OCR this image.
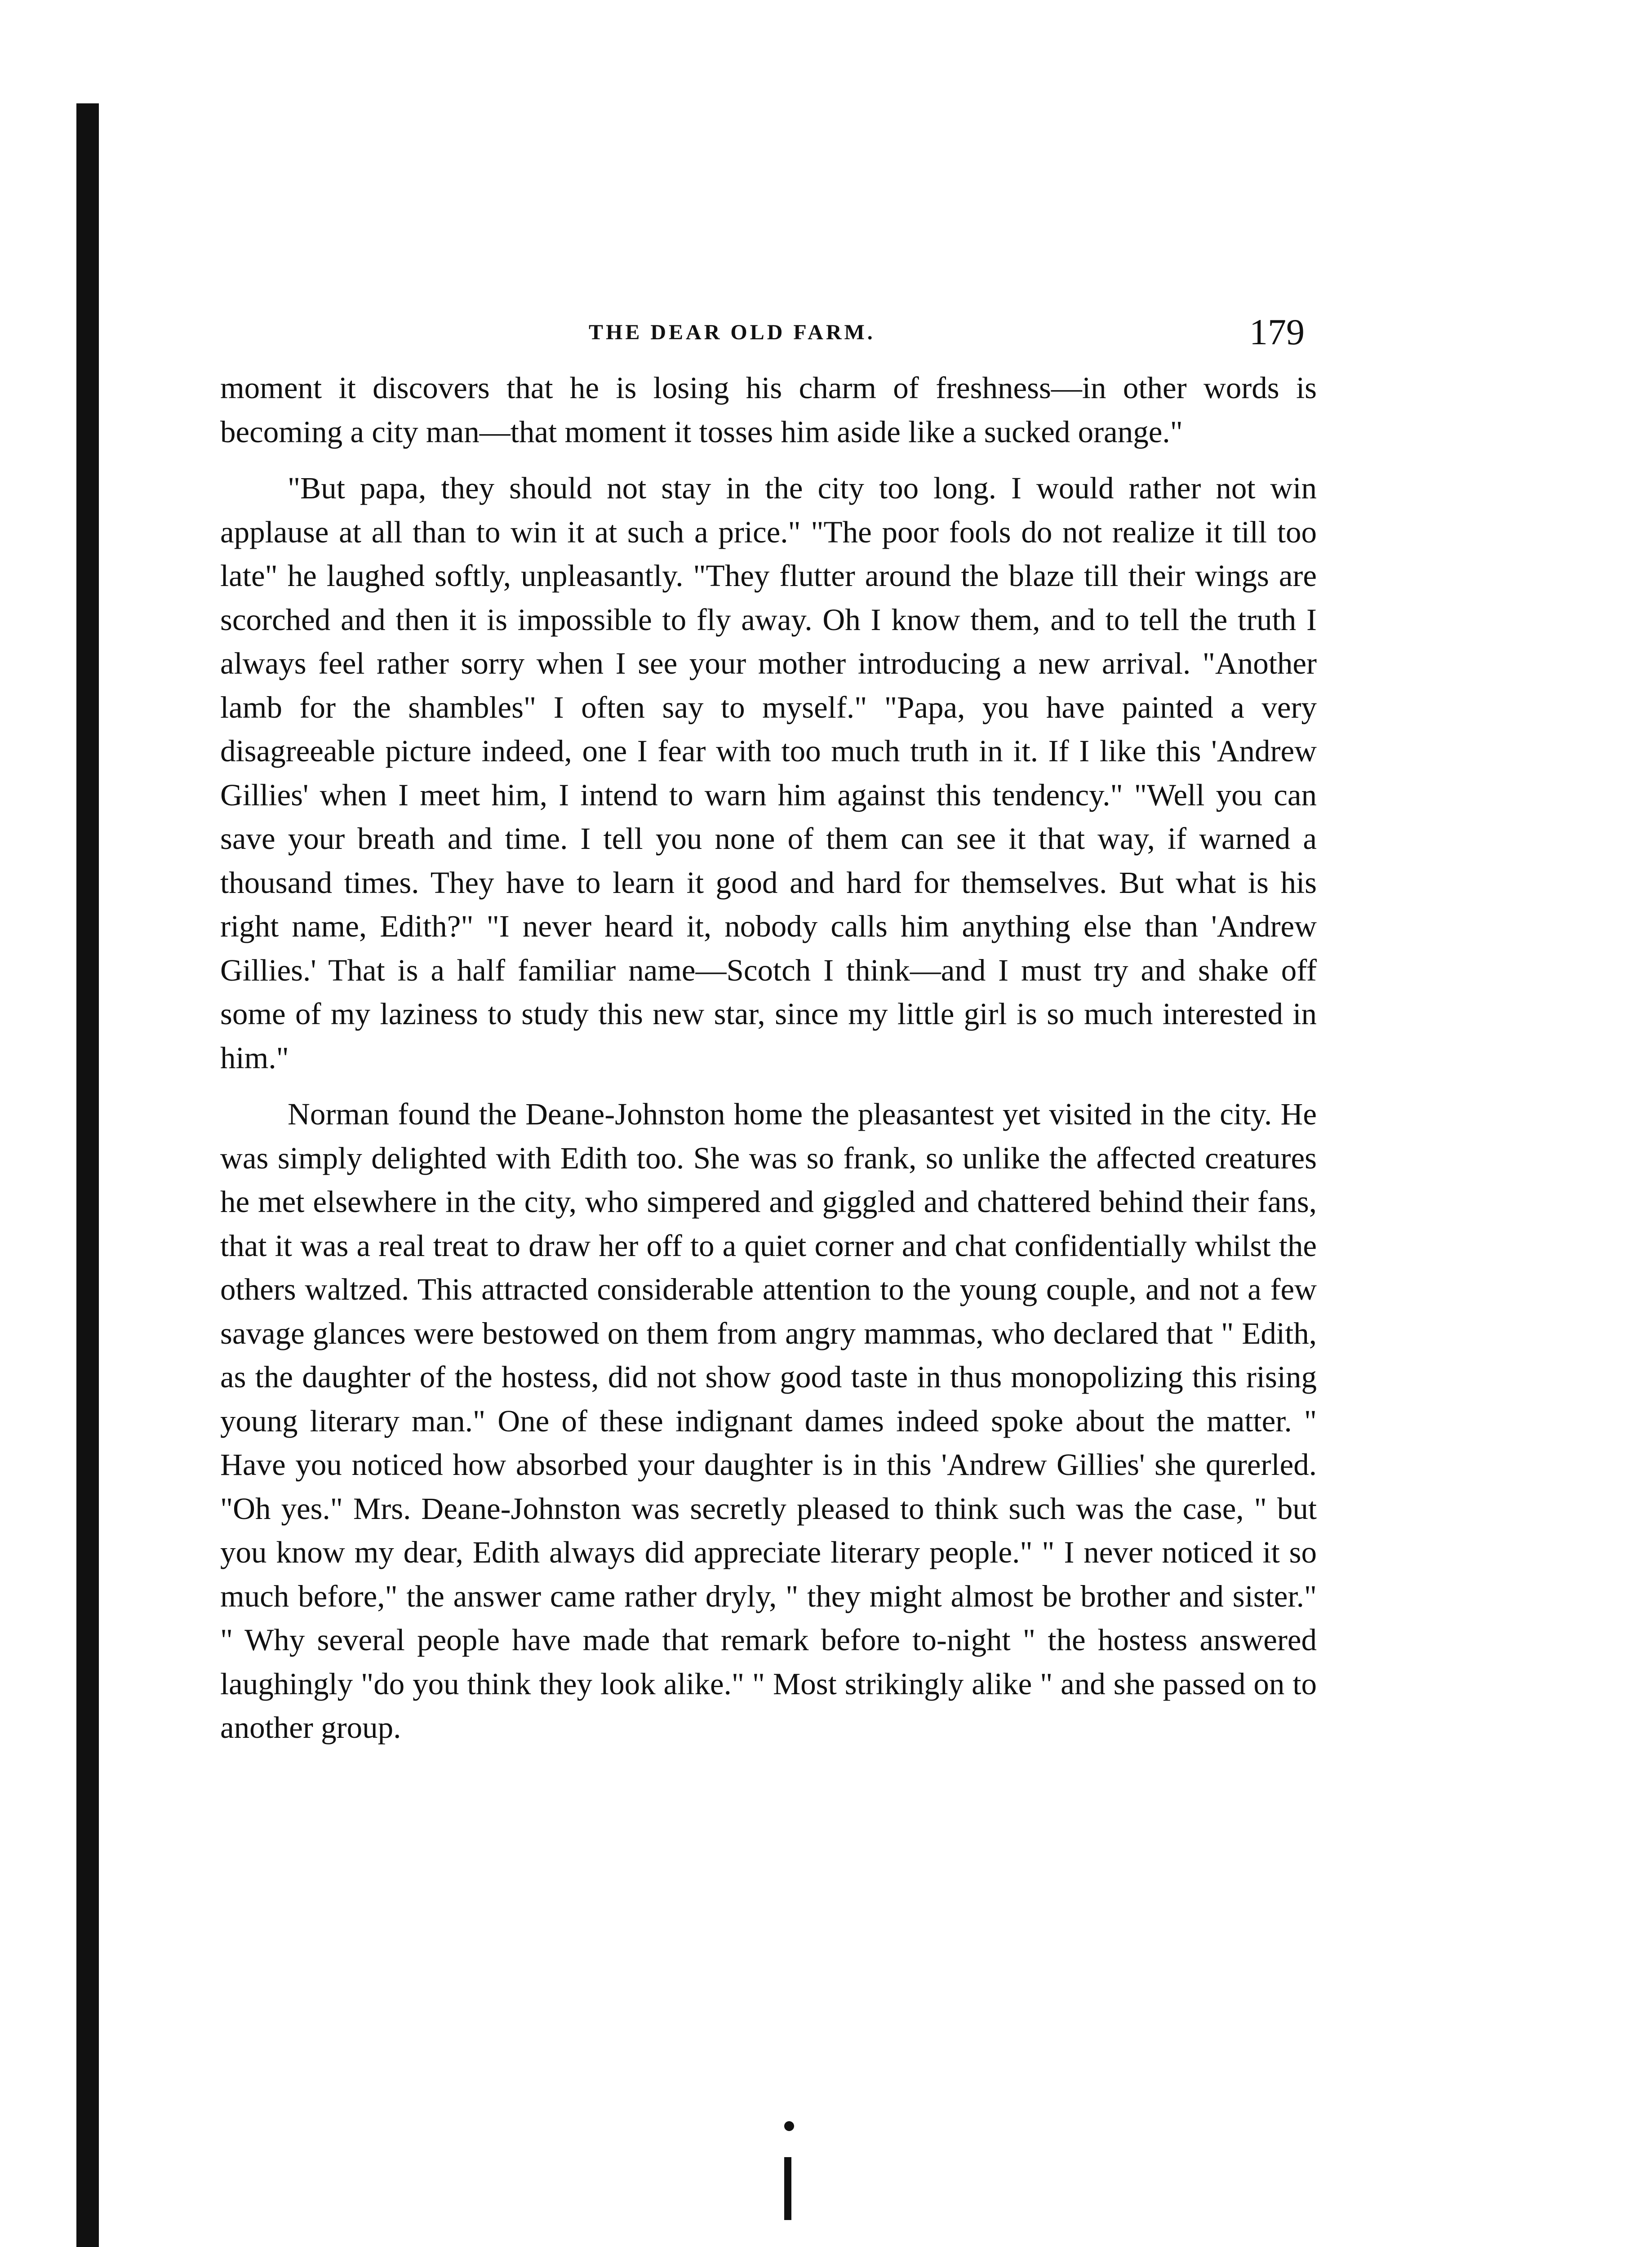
THE DEAR OLD FARM.	179

moment it discovers that he is losing his charm of freshness—in other words is becoming a city man—that moment it tosses him aside like a sucked orange."

"But papa, they should not stay in the city too long. I would rather not win applause at all than to win it at such a price." "The poor fools do not realize it till too late" he laughed softly, unpleasantly. "They flutter around the blaze till their wings are scorched and then it is impossible to fly away. Oh I know them, and to tell the truth I always feel rather sorry when I see your mother introducing a new arrival. "Another lamb for the shambles" I often say to myself." "Papa, you have painted a very disagreeable picture indeed, one I fear with too much truth in it. If I like this 'Andrew Gillies' when I meet him, I intend to warn him against this tendency." "Well you can save your breath and time. I tell you none of them can see it that way, if warned a thousand times. They have to learn it good and hard for themselves. But what is his right name, Edith?" "I never heard it, nobody calls him anything else than 'Andrew Gillies.' That is a half familiar name—Scotch I think—and I must try and shake off some of my laziness to study this new star, since my little girl is so much interested in him."

Norman found the Deane-Johnston home the pleasantest yet visited in the city. He was simply delighted with Edith too. She was so frank, so unlike the affected creatures he met elsewhere in the city, who simpered and giggled and chattered behind their fans, that it was a real treat to draw her off to a quiet corner and chat confidentially whilst the others waltzed. This attracted considerable attention to the young couple, and not a few savage glances were bestowed on them from angry mammas, who declared that " Edith, as the daughter of the hostess, did not show good taste in thus monopolizing this rising young literary man." One of these indignant dames indeed spoke about the matter. " Have you noticed how absorbed your daughter is in this 'Andrew Gillies' she qurerled. "Oh yes." Mrs. Deane-Johnston was secretly pleased to think such was the case, " but you know my dear, Edith always did appreciate literary people." " I never noticed it so much before," the answer came rather dryly, " they might almost be brother and sister." " Why several people have made that remark before to-night " the hostess answered laughingly "do you think they look alike." " Most strikingly alike " and she passed on to another group.
